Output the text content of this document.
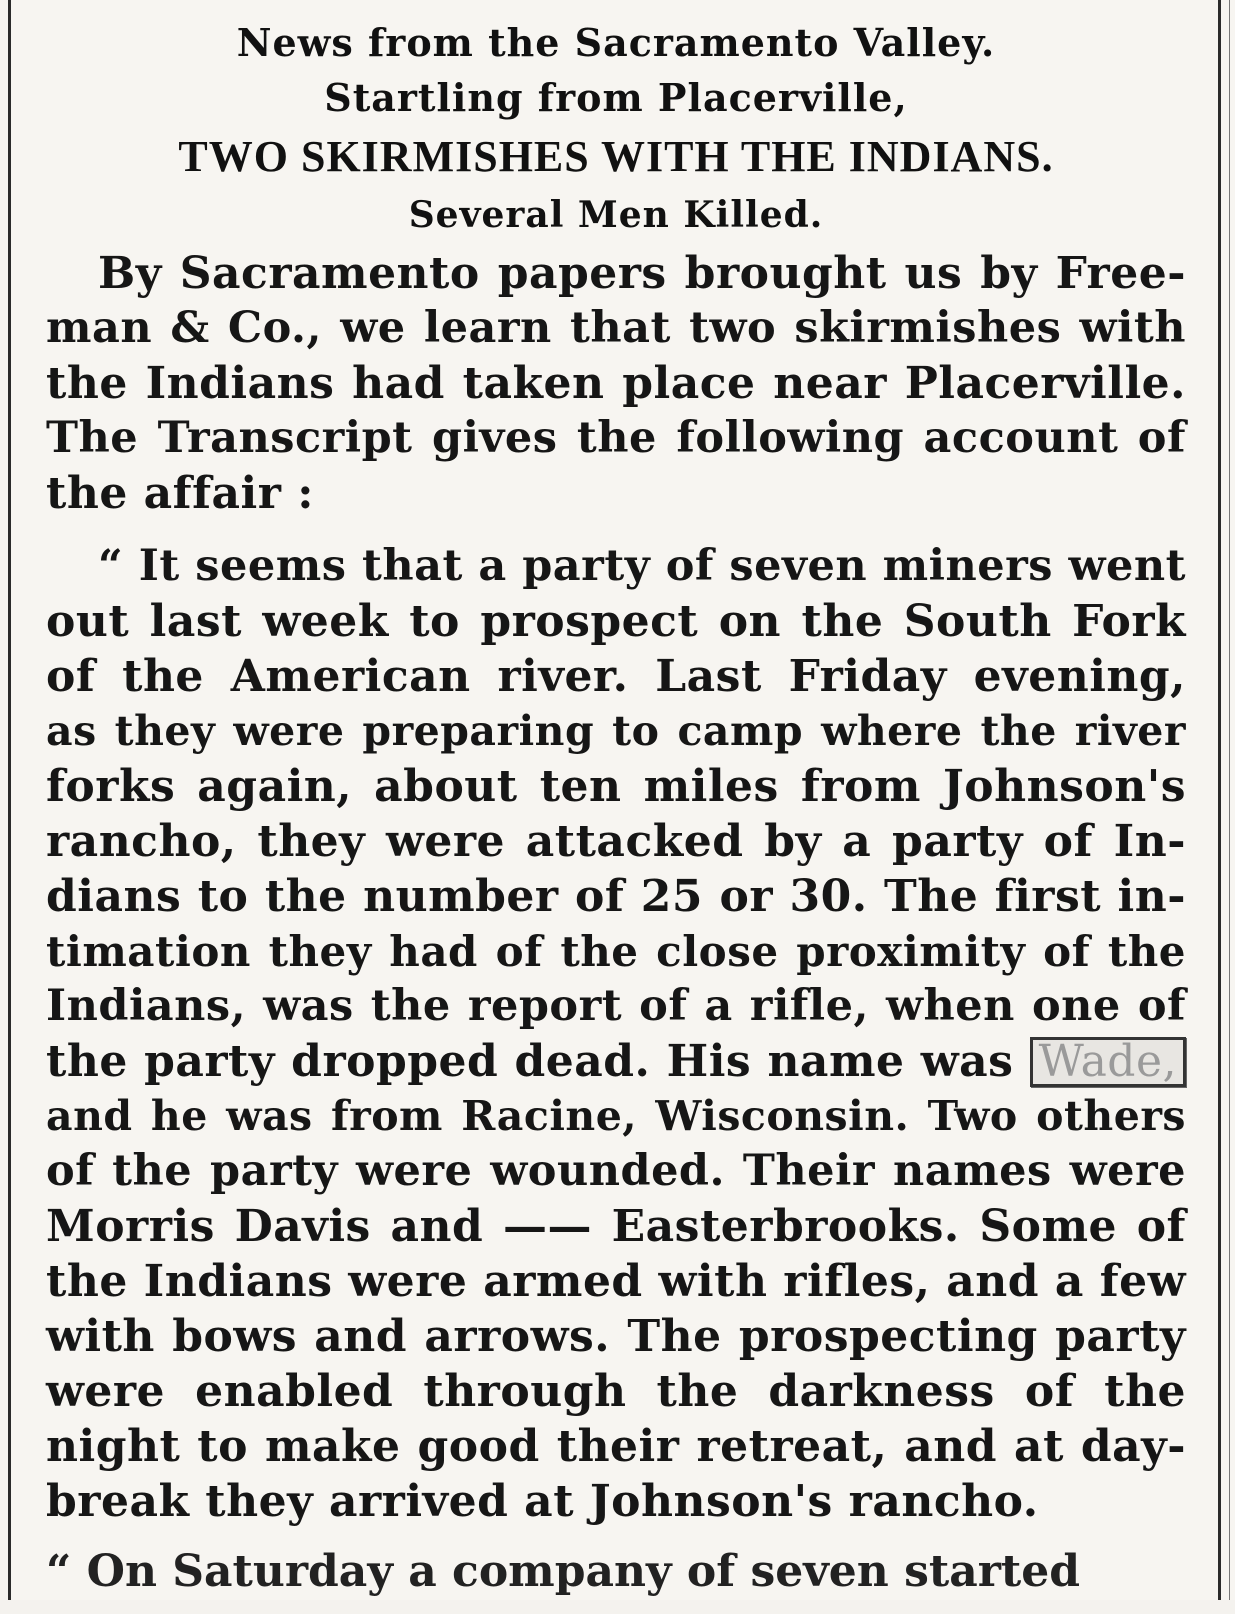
News from the Sacramento Valley.
Startling from Placerville,
TWO SKIRMISHES WITH THE INDIANS.
Several Men Killed.
By Sacramento papers brought us by Free-
man & Co., we learn that two skirmishes with
the Indians had taken place near Placerville.
The Transcript gives the following account of
the affair :
“ It seems that a party of seven miners went
out last week to prospect on the South Fork
of the American river. Last Friday evening,
as they were preparing to camp where the river
forks again, about ten miles from Johnson's
rancho, they were attacked by a party of In-
dians to the number of 25 or 30. The first in-
timation they had of the close proximity of the
Indians, was the report of a rifle, when one of
the party dropped dead. His name was Wade,
and he was from Racine, Wisconsin. Two others
of the party were wounded. Their names were
Morris Davis and —— Easterbrooks. Some of
the Indians were armed with rifles, and a few
with bows and arrows. The prospecting party
were enabled through the darkness of the
night to make good their retreat, and at day-
break they arrived at Johnson's rancho.
“ On Saturday a company of seven started
